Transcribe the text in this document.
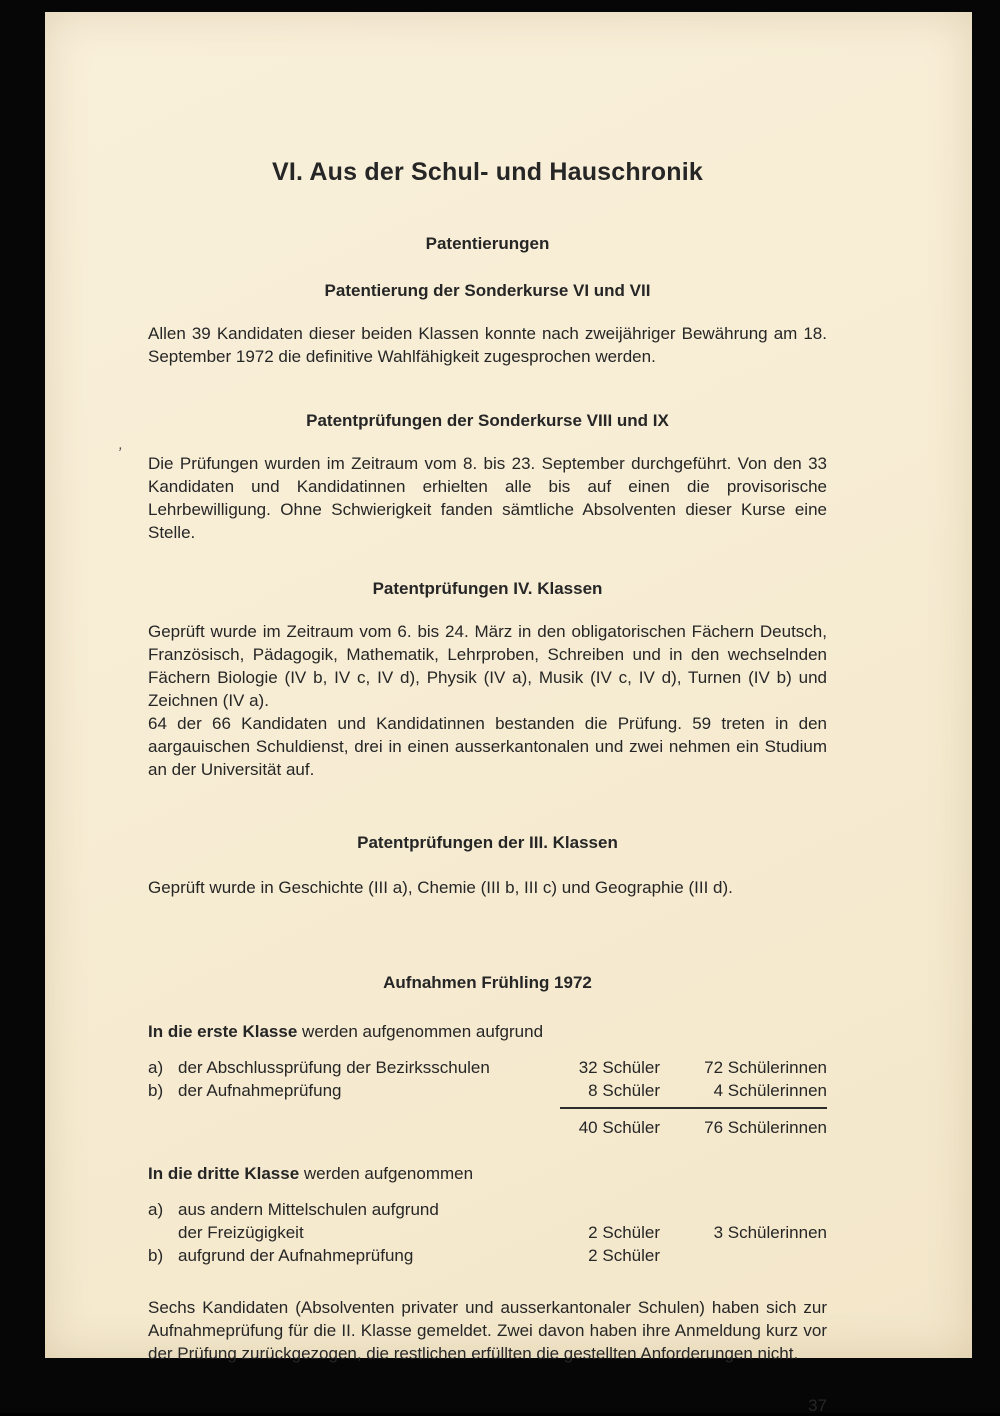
,
VI. Aus der Schul- und Hauschronik
Patentierungen
Patentierung der Sonderkurse VI und VII

Allen 39 Kandidaten dieser beiden Klassen konnte nach zweijähriger Bewährung am 18. September 1972 die definitive Wahlfähigkeit zugesprochen werden.

Patentprüfungen der Sonderkurse VIII und IX

Die Prüfungen wurden im Zeitraum vom 8. bis 23. September durchgeführt. Von den 33 Kandidaten und Kandidatinnen erhielten alle bis auf einen die provisorische Lehrbewilligung. Ohne Schwierigkeit fanden sämtliche Absolventen dieser Kurse eine Stelle.

Patentprüfungen IV. Klassen

Geprüft wurde im Zeitraum vom 6. bis 24. März in den obligatorischen Fächern Deutsch, Französisch, Pädagogik, Mathematik, Lehrproben, Schreiben und in den wechselnden Fächern Biologie (IV b, IV c, IV d), Physik (IV a), Musik (IV c, IV d), Turnen (IV b) und Zeichnen (IV a).

64 der 66 Kandidaten und Kandidatinnen bestanden die Prüfung. 59 treten in den aargauischen Schuldienst, drei in einen ausserkantonalen und zwei nehmen ein Studium an der Universität auf.

Patentprüfungen der III. Klassen

Geprüft wurde in Geschichte (III a), Chemie (III b, III c) und Geographie (III d).

Aufnahmen Frühling 1972

In die erste Klasse werden aufgenommen aufgrund

a) der Abschlussprüfung der Bezirksschulen	32 Schüler	72 Schülerinnen
b) der Aufnahmeprüfung	8 Schüler	4 Schülerinnen
40 Schüler	76 Schülerinnen

In die dritte Klasse werden aufgenommen

a) aus andern Mittelschulen aufgrund
der Freizügigkeit	2 Schüler	3 Schülerinnen
b) aufgrund der Aufnahmeprüfung	2 Schüler

Sechs Kandidaten (Absolventen privater und ausserkantonaler Schulen) haben sich zur Aufnahmeprüfung für die II. Klasse gemeldet. Zwei davon haben ihre Anmeldung kurz vor der Prüfung zurückgezogen, die restlichen erfüllten die gestellten Anforderungen nicht.

37
